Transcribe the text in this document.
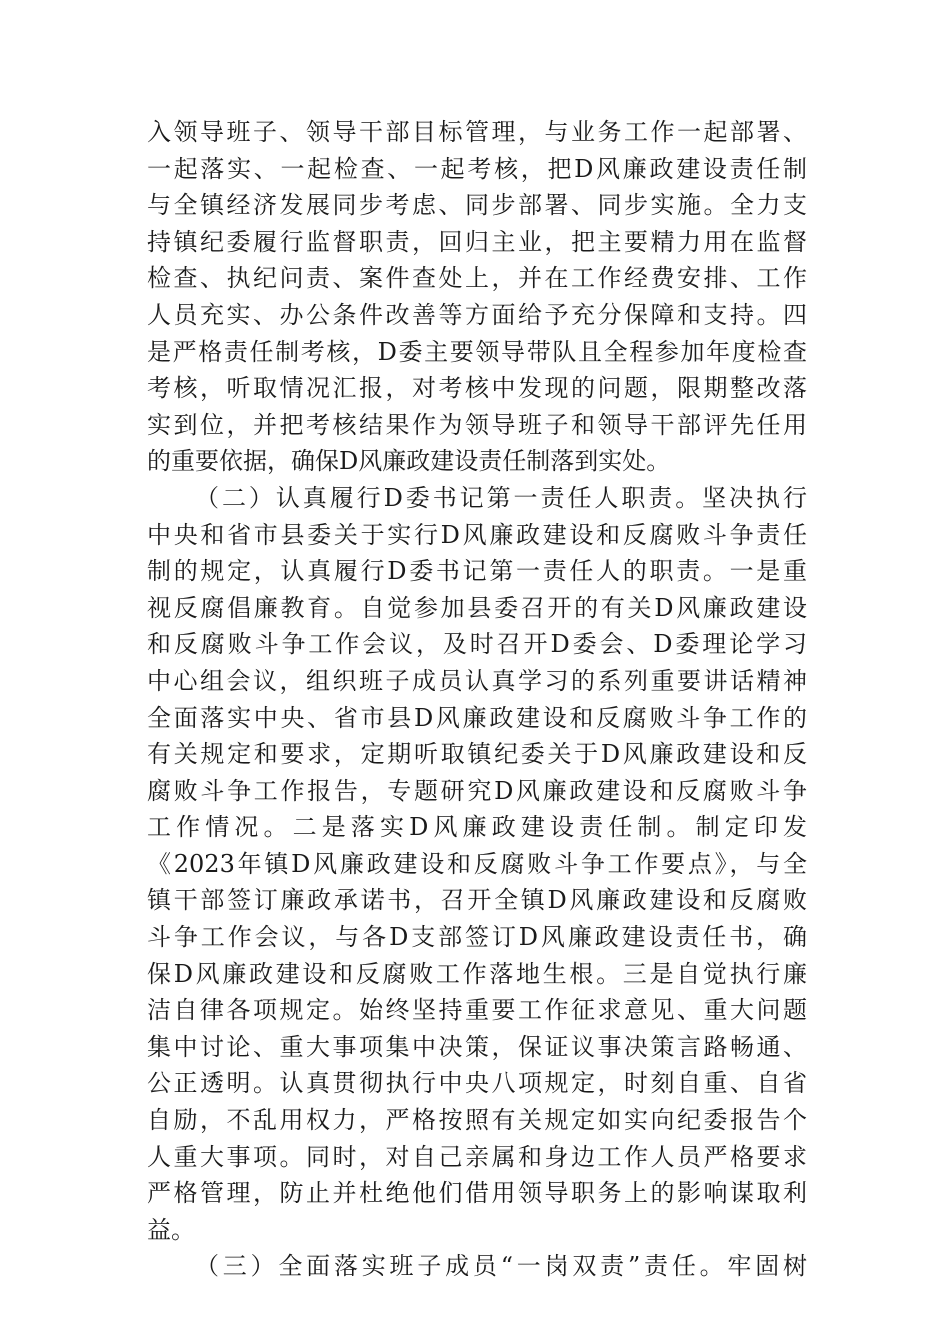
入领导班子、领导干部目标管理，与业务工作一起部署、
一起落实、一起检查、一起考核，把D风廉政建设责任制
与全镇经济发展同步考虑、同步部署、同步实施。全力支
持镇纪委履行监督职责，回归主业，把主要精力用在监督
检查、执纪问责、案件查处上，并在工作经费安排、工作
人员充实、办公条件改善等方面给予充分保障和支持。四
是严格责任制考核，D委主要领导带队且全程参加年度检查
考核，听取情况汇报，对考核中发现的问题，限期整改落
实到位，并把考核结果作为领导班子和领导干部评先任用
的重要依据，确保D风廉政建设责任制落到实处。
（二）认真履行D委书记第一责任人职责。坚决执行
中央和省市县委关于实行D风廉政建设和反腐败斗争责任
制的规定，认真履行D委书记第一责任人的职责。一是重
视反腐倡廉教育。自觉参加县委召开的有关D风廉政建设
和反腐败斗争工作会议，及时召开D委会、D委理论学习
中心组会议，组织班子成员认真学习的系列重要讲话精神
全面落实中央、省市县D风廉政建设和反腐败斗争工作的
有关规定和要求，定期听取镇纪委关于D风廉政建设和反
腐败斗争工作报告，专题研究D风廉政建设和反腐败斗争
工作情况。二是落实D风廉政建设责任制。制定印发
《2023年镇D风廉政建设和反腐败斗争工作要点》，与全
镇干部签订廉政承诺书，召开全镇D风廉政建设和反腐败
斗争工作会议，与各D支部签订D风廉政建设责任书，确
保D风廉政建设和反腐败工作落地生根。三是自觉执行廉
洁自律各项规定。始终坚持重要工作征求意见、重大问题
集中讨论、重大事项集中决策，保证议事决策言路畅通、
公正透明。认真贯彻执行中央八项规定，时刻自重、自省
自励，不乱用权力，严格按照有关规定如实向纪委报告个
人重大事项。同时，对自己亲属和身边工作人员严格要求
严格管理，防止并杜绝他们借用领导职务上的影响谋取利
益。
（三）全面落实班子成员“一岗双责”责任。牢固树
